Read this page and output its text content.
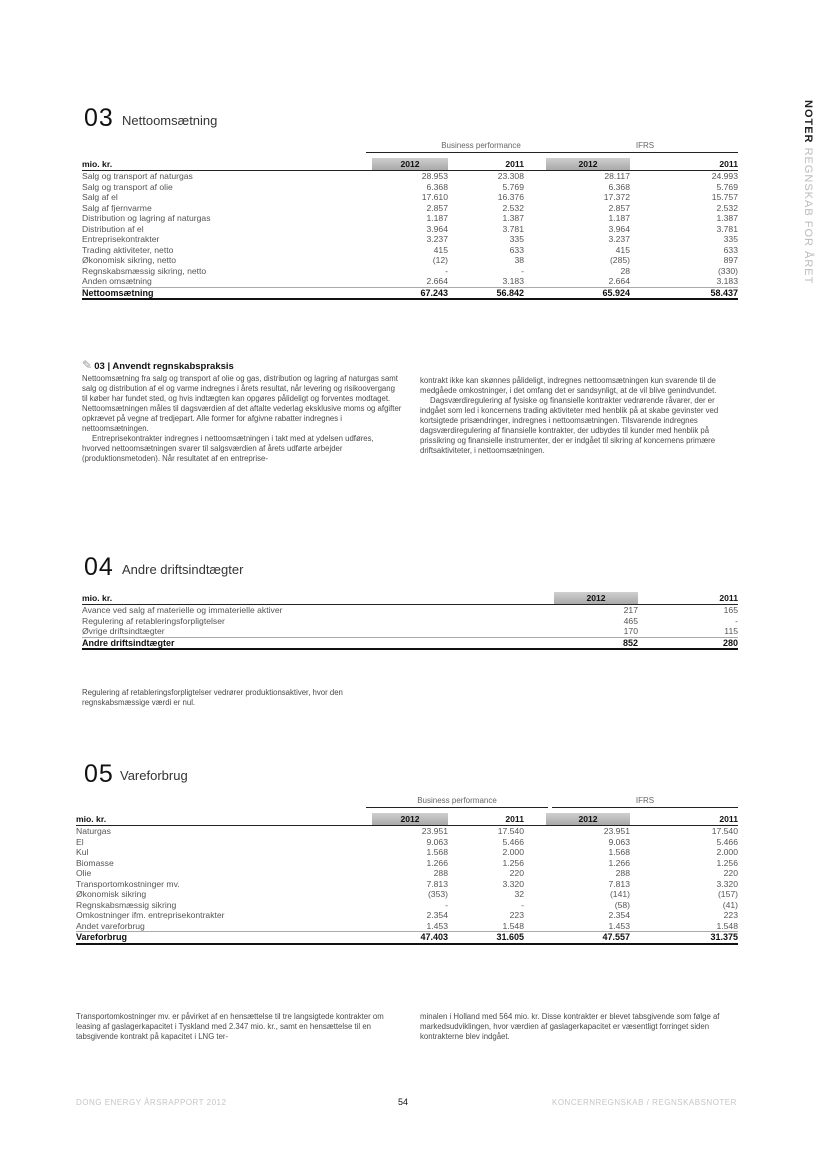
NOTER REGNSKAB FOR ÅRET
03 Nettoomsætning
Business performance	IFRS
mio. kr.	2012	2011		2012		2011
Salg og transport af naturgas	28.953	23.308		28.117		24.993
Salg og transport af olie	6.368	5.769		6.368		5.769
Salg af el	17.610	16.376		17.372		15.757
Salg af fjernvarme	2.857	2.532		2.857		2.532
Distribution og lagring af naturgas	1.187	1.387		1.187		1.387
Distribution af el	3.964	3.781		3.964		3.781
Entreprisekontrakter	3.237	335		3.237		335
Trading aktiviteter, netto	415	633		415		633
Økonomisk sikring, netto	(12)	38		(285)		897
Regnskabsmæssig sikring, netto	-	-		28		(330)
Anden omsætning	2.664	3.183		2.664		3.183
Nettoomsætning	67.243	56.842		65.924		58.437

✎ 03 | Anvendt regnskabspraksis

Nettoomsætning fra salg og transport af olie og gas, distribution og lagring af naturgas samt salg og distribution af el og varme indregnes i årets resultat, når levering og risikoovergang til køber har fundet sted, og hvis indtægten kan opgøres pålideligt og forventes modtaget. Nettoomsætningen måles til dagsværdien af det aftalte vederlag eksklusive moms og afgifter opkrævet på vegne af tredjepart. Alle former for afgivne rabatter indregnes i nettoomsætningen.

Entreprisekontrakter indregnes i nettoomsætningen i takt med at ydelsen udføres, hvorved nettoomsætningen svarer til salgsværdien af årets udførte arbejder (produktionsmetoden). Når resultatet af en entreprise-

kontrakt ikke kan skønnes pålideligt, indregnes nettoomsætningen kun svarende til de medgåede omkostninger, i det omfang det er sandsynligt, at de vil blive genindvundet.

Dagsværdiregulering af fysiske og finansielle kontrakter vedrørende råvarer, der er indgået som led i koncernens trading aktiviteter med henblik på at skabe gevinster ved kortsigtede prisændringer, indregnes i nettoomsætningen. Tilsvarende indregnes dagsværdiregulering af finansielle kontrakter, der udbydes til kunder med henblik på prissikring og finansielle instrumenter, der er indgået til sikring af koncernens primære driftsaktiviteter, i nettoomsætningen.

04 Andre driftsindtægter
mio. kr.	2012		2011
Avance ved salg af materielle og immaterielle aktiver	217		165
Regulering af retableringsforpligtelser	465		-
Øvrige driftsindtægter	170		115
Andre driftsindtægter	852		280
Regulering af retableringsforpligtelser vedrører produktionsaktiver, hvor den regnskabsmæssige værdi er nul.
05 Vareforbrug
Business performance	IFRS
mio. kr.	2012	2011		2012		2011
Naturgas	23.951	17.540		23.951		17.540
El	9.063	5.466		9.063		5.466
Kul	1.568	2.000		1.568		2.000
Biomasse	1.266	1.256		1.266		1.256
Olie	288	220		288		220
Transportomkostninger mv.	7.813	3.320		7.813		3.320
Økonomisk sikring	(353)	32		(141)		(157)
Regnskabsmæssig sikring	-	-		(58)		(41)
Omkostninger ifm. entreprisekontrakter	2.354	223		2.354		223
Andet vareforbrug	1.453	1.548		1.453		1.548
Vareforbrug	47.403	31.605		47.557		31.375
Transportomkostninger mv. er påvirket af en hensættelse til tre langsigtede kontrakter om leasing af gaslagerkapacitet i Tyskland med 2.347 mio. kr., samt en hensættelse til en tabsgivende kontrakt på kapacitet i LNG ter-
minalen i Holland med 564 mio. kr. Disse kontrakter er blevet tabsgivende som følge af markedsudviklingen, hvor værdien af gaslagerkapacitet er væsentligt forringet siden kontrakterne blev indgået.
DONG ENERGY ÅRSRAPPORT 2012	54	KONCERNREGNSKAB / REGNSKABSNOTER
